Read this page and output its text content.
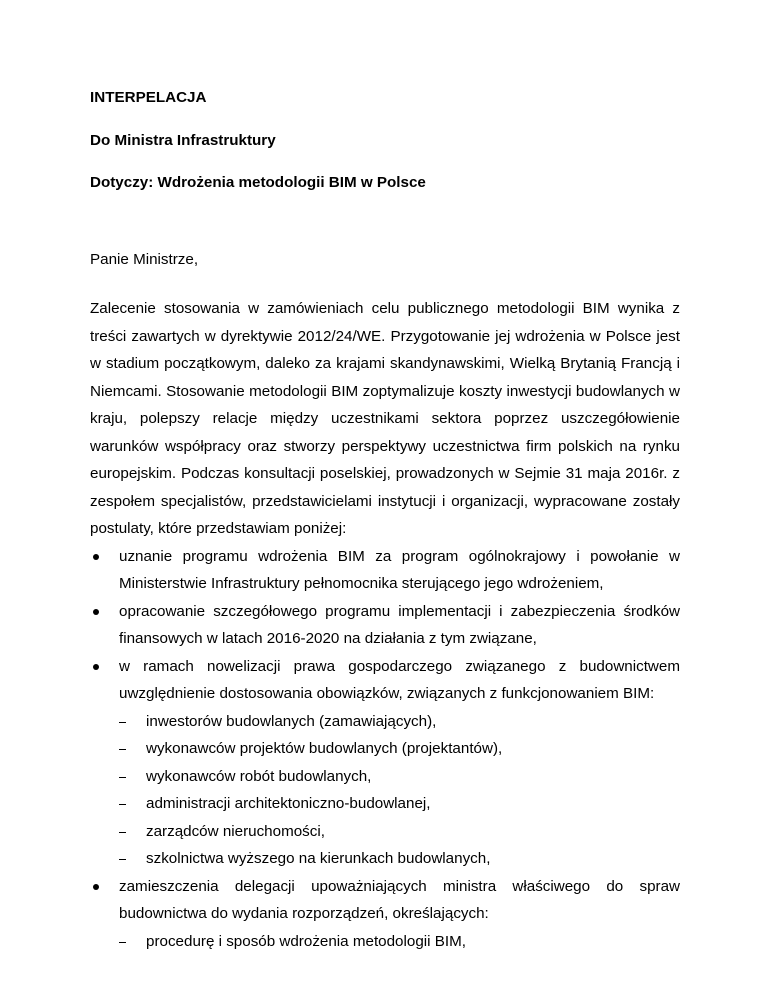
INTERPELACJA

Do Ministra Infrastruktury

Dotyczy: Wdrożenia metodologii BIM w Polsce

Panie Ministrze,

Zalecenie stosowania w zamówieniach celu publicznego metodologii BIM wynika z treści zawartych w dyrektywie 2012/24/WE. Przygotowanie jej wdrożenia w Polsce jest w stadium początkowym, daleko za krajami skandynawskimi, Wielką Brytanią Francją i Niemcami. Stosowanie metodologii BIM zoptymalizuje koszty inwestycji budowlanych w kraju, polepszy relacje między uczestnikami sektora poprzez uszczegółowienie warunków współpracy oraz stworzy perspektywy uczestnictwa firm polskich na rynku europejskim. Podczas konsultacji poselskiej, prowadzonych w Sejmie 31 maja 2016r. z zespołem specjalistów, przedstawicielami instytucji i organizacji, wypracowane zostały postulaty, które przedstawiam poniżej:

uznanie programu wdrożenia BIM za program ogólnokrajowy i powołanie w Ministerstwie Infrastruktury pełnomocnika sterującego jego wdrożeniem,
opracowanie szczegółowego programu implementacji i zabezpieczenia środków finansowych w latach 2016-2020 na działania z tym związane,
w ramach nowelizacji prawa gospodarczego związanego z budownictwem uwzględnienie dostosowania obowiązków, związanych z funkcjonowaniem BIM:
inwestorów budowlanych (zamawiających),
wykonawców projektów budowlanych (projektantów),
wykonawców robót budowlanych,
administracji architektoniczno-budowlanej,
zarządców nieruchomości,
szkolnictwa wyższego na kierunkach budowlanych,
zamieszczenia delegacji upoważniających ministra właściwego do spraw budownictwa do wydania rozporządzeń, określających:
procedurę i sposób wdrożenia metodologii BIM,
